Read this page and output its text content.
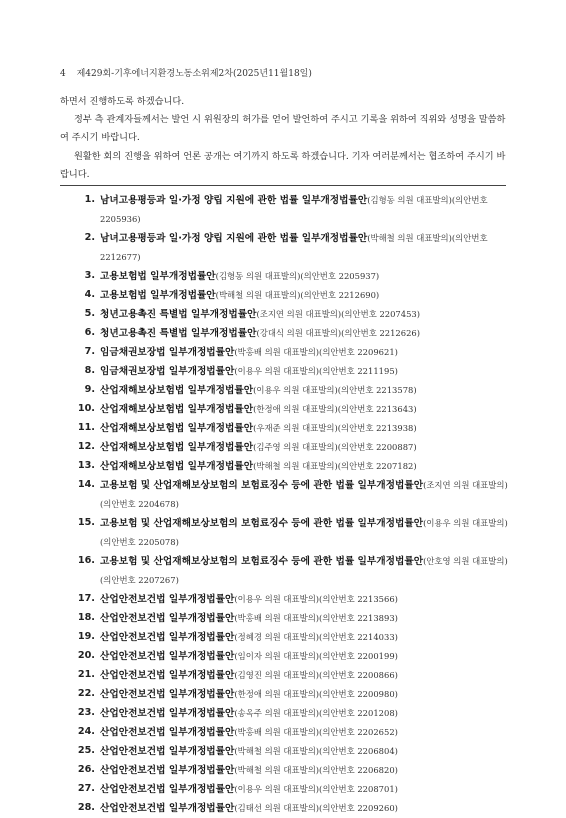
4 제429회-기후에너지환경노동소위제2차(2025년11월18일)

하면서 진행하도록 하겠습니다.

정부 측 관계자들께서는 발언 시 위원장의 허가를 얻어 발언하여 주시고 기록을 위하여 직위와 성명을 말씀하여 주시기 바랍니다.

원활한 회의 진행을 위하여 언론 공개는 여기까지 하도록 하겠습니다. 기자 여러분께서는 협조하여 주시기 바랍니다.

1. 남녀고용평등과 일·가정 양립 지원에 관한 법률 일부개정법률안(김형동 의원 대표발의)(의안번호 2205936)
2. 남녀고용평등과 일·가정 양립 지원에 관한 법률 일부개정법률안(박해철 의원 대표발의)(의안번호 2212677)
3. 고용보험법 일부개정법률안(김형동 의원 대표발의)(의안번호 2205937)
4. 고용보험법 일부개정법률안(박해철 의원 대표발의)(의안번호 2212690)
5. 청년고용촉진 특별법 일부개정법률안(조지연 의원 대표발의)(의안번호 2207453)
6. 청년고용촉진 특별법 일부개정법률안(강대식 의원 대표발의)(의안번호 2212626)
7. 임금채권보장법 일부개정법률안(박홍배 의원 대표발의)(의안번호 2209621)
8. 임금채권보장법 일부개정법률안(이용우 의원 대표발의)(의안번호 2211195)
9. 산업재해보상보험법 일부개정법률안(이용우 의원 대표발의)(의안번호 2213578)
10. 산업재해보상보험법 일부개정법률안(한정애 의원 대표발의)(의안번호 2213643)
11. 산업재해보상보험법 일부개정법률안(우재준 의원 대표발의)(의안번호 2213938)
12. 산업재해보상보험법 일부개정법률안(김주영 의원 대표발의)(의안번호 2200887)
13. 산업재해보상보험법 일부개정법률안(박해철 의원 대표발의)(의안번호 2207182)
14. 고용보험 및 산업재해보상보험의 보험료징수 등에 관한 법률 일부개정법률안(조지연 의원 대표발의)(의안번호 2204678)
15. 고용보험 및 산업재해보상보험의 보험료징수 등에 관한 법률 일부개정법률안(이용우 의원 대표발의)(의안번호 2205078)
16. 고용보험 및 산업재해보상보험의 보험료징수 등에 관한 법률 일부개정법률안(안호영 의원 대표발의)(의안번호 2207267)
17. 산업안전보건법 일부개정법률안(이용우 의원 대표발의)(의안번호 2213566)
18. 산업안전보건법 일부개정법률안(박홍배 의원 대표발의)(의안번호 2213893)
19. 산업안전보건법 일부개정법률안(정혜경 의원 대표발의)(의안번호 2214033)
20. 산업안전보건법 일부개정법률안(임이자 의원 대표발의)(의안번호 2200199)
21. 산업안전보건법 일부개정법률안(김영진 의원 대표발의)(의안번호 2200866)
22. 산업안전보건법 일부개정법률안(한정애 의원 대표발의)(의안번호 2200980)
23. 산업안전보건법 일부개정법률안(송옥주 의원 대표발의)(의안번호 2201208)
24. 산업안전보건법 일부개정법률안(박홍배 의원 대표발의)(의안번호 2202652)
25. 산업안전보건법 일부개정법률안(박해철 의원 대표발의)(의안번호 2206804)
26. 산업안전보건법 일부개정법률안(박해철 의원 대표발의)(의안번호 2206820)
27. 산업안전보건법 일부개정법률안(이용우 의원 대표발의)(의안번호 2208701)
28. 산업안전보건법 일부개정법률안(김태선 의원 대표발의)(의안번호 2209260)
